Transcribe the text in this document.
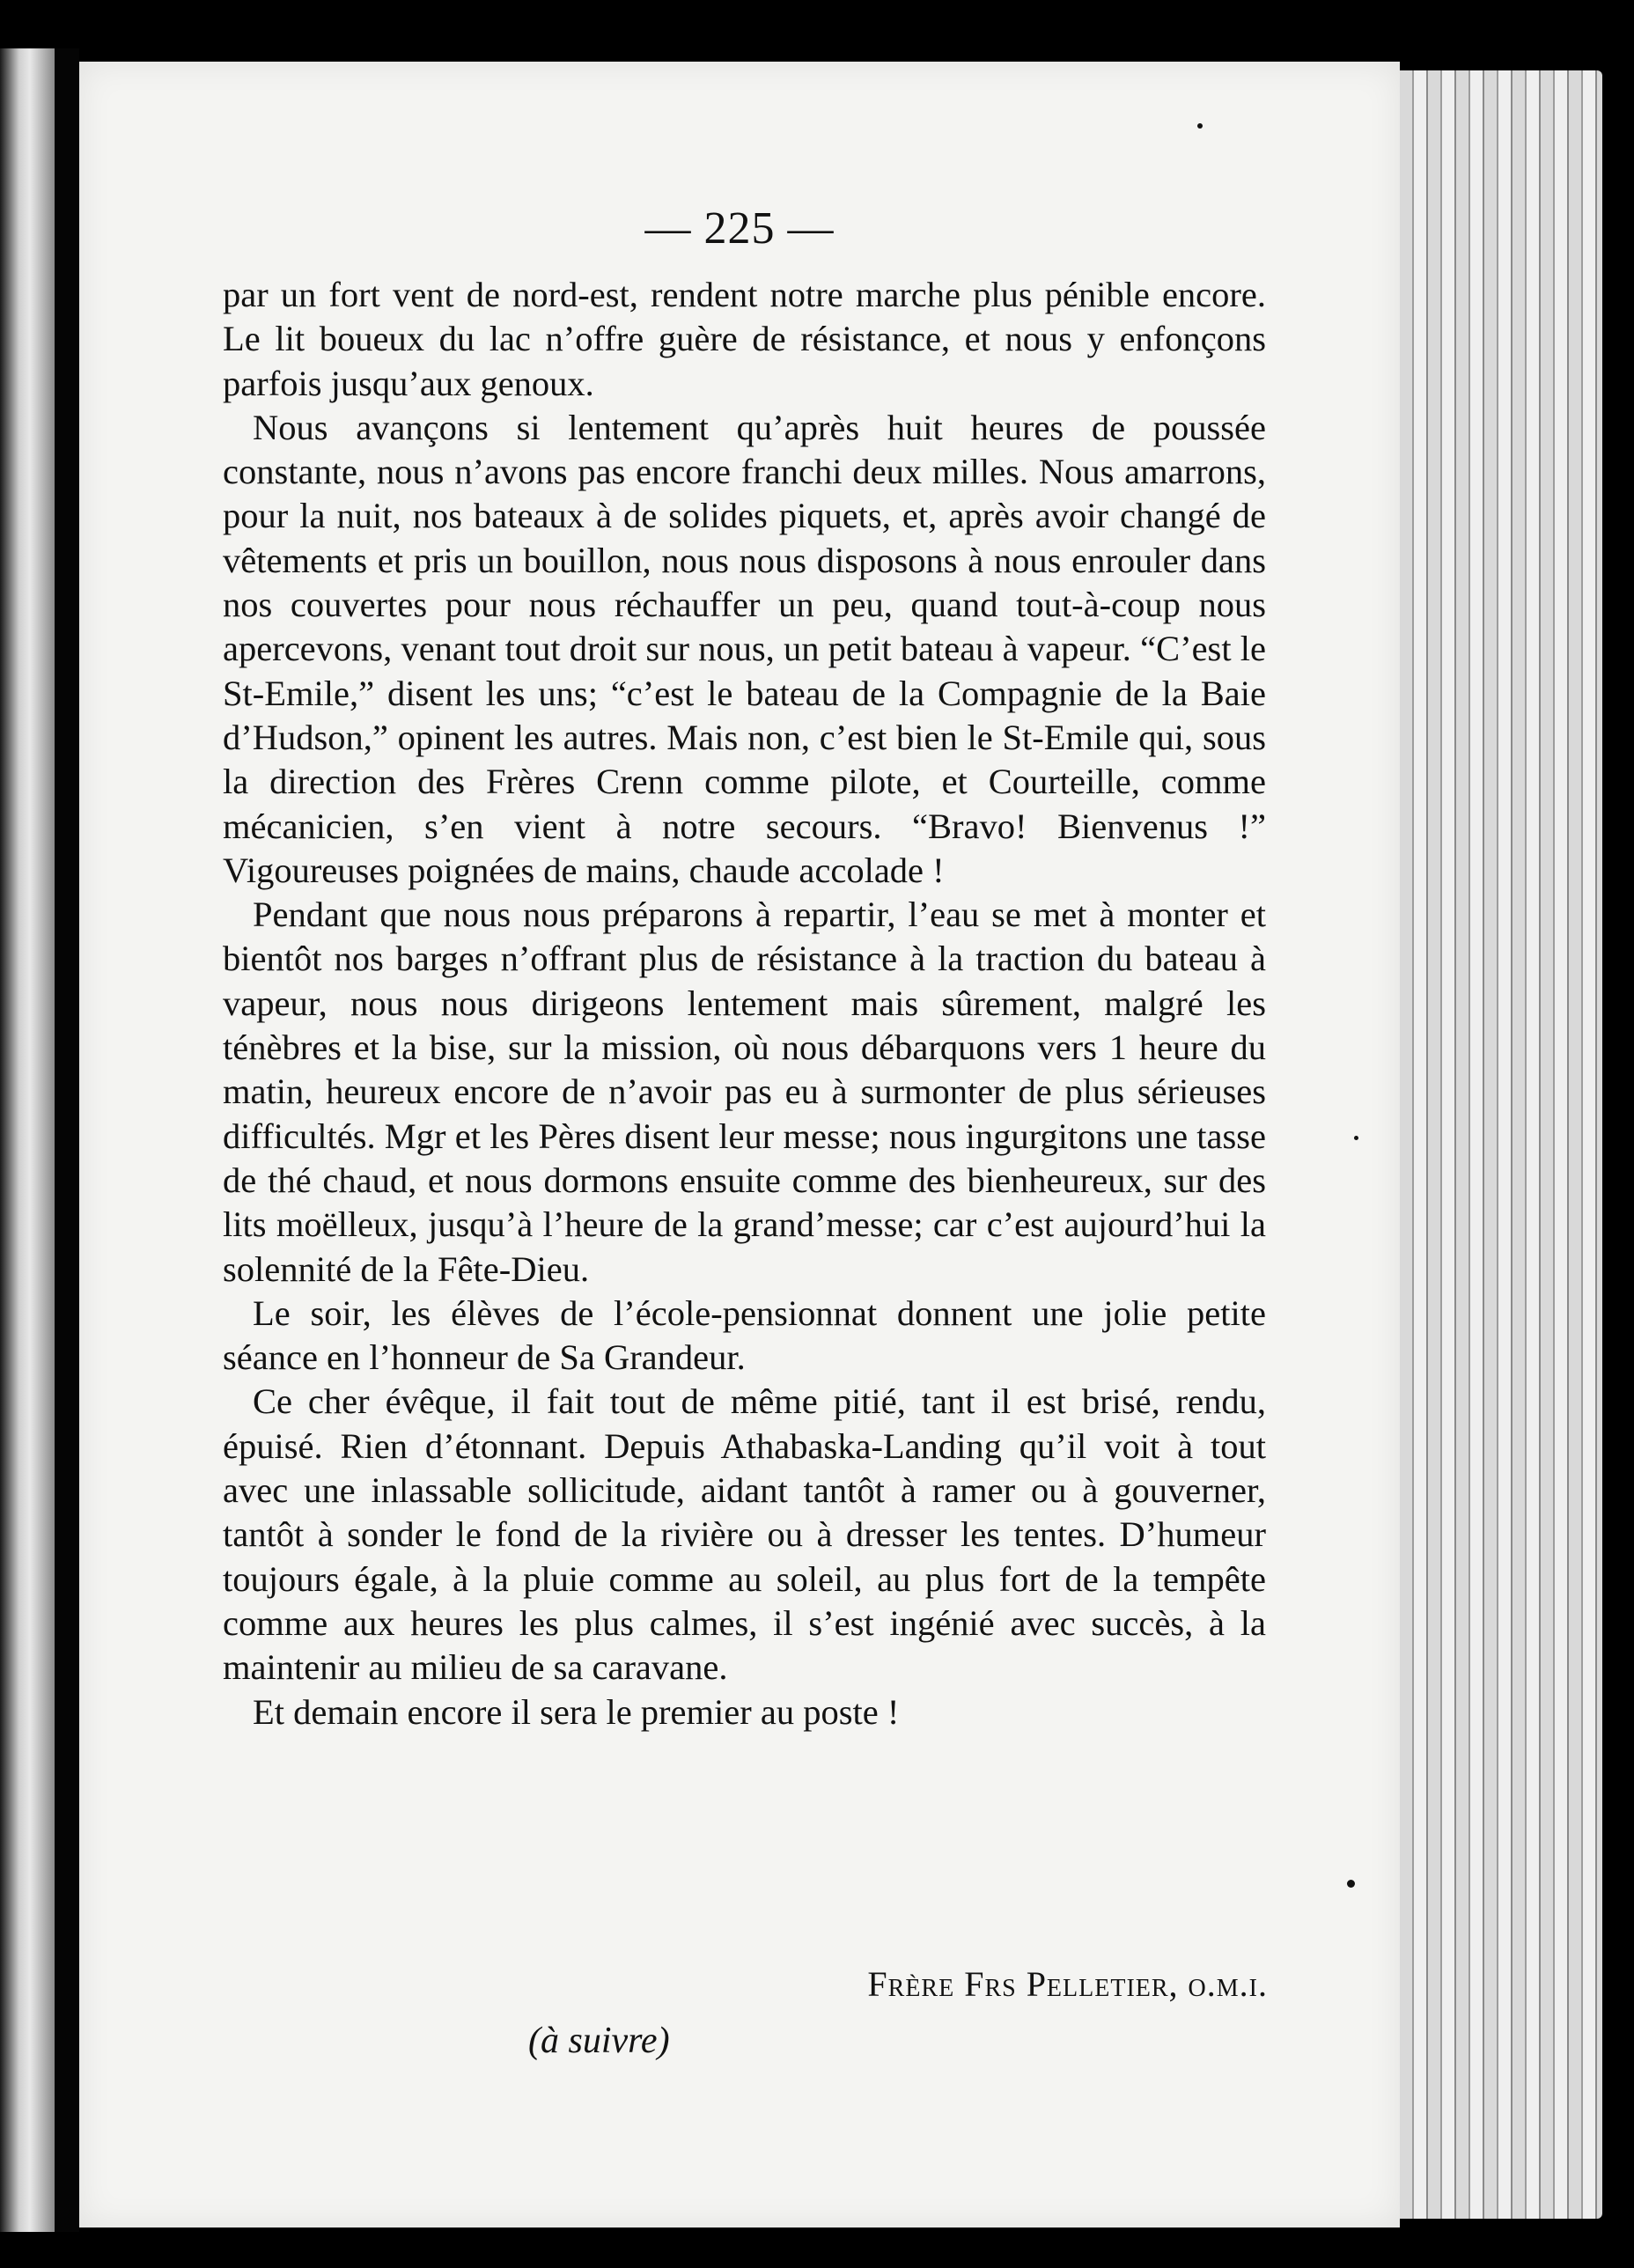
— 225 —

par un fort vent de nord-est, rendent notre marche plus pénible encore. Le lit boueux du lac n’offre guère de résistance, et nous y enfonçons parfois jusqu’aux genoux.

Nous avançons si lentement qu’après huit heures de poussée constante, nous n’avons pas encore franchi deux milles. Nous amarrons, pour la nuit, nos bateaux à de solides piquets, et, après avoir changé de vêtements et pris un bouillon, nous nous disposons à nous enrouler dans nos couvertes pour nous réchauffer un peu, quand tout-à-coup nous apercevons, venant tout droit sur nous, un petit bateau à vapeur. “C’est le St-Emile,” disent les uns; “c’est le bateau de la Compagnie de la Baie d’Hudson,” opinent les autres. Mais non, c’est bien le St-Emile qui, sous la direction des Frères Crenn comme pilote, et Courteille, comme mécanicien, s’en vient à notre secours. “Bravo! Bienvenus !” Vigoureuses poignées de mains, chaude accolade !

Pendant que nous nous préparons à repartir, l’eau se met à monter et bientôt nos barges n’offrant plus de résistance à la traction du bateau à vapeur, nous nous dirigeons lentement mais sûrement, malgré les ténèbres et la bise, sur la mission, où nous débarquons vers 1 heure du matin, heureux encore de n’avoir pas eu à surmonter de plus sérieuses difficultés. Mgr et les Pères disent leur messe; nous ingurgitons une tasse de thé chaud, et nous dormons ensuite comme des bienheureux, sur des lits moëlleux, jusqu’à l’heure de la grand’messe; car c’est aujourd’hui la solennité de la Fête-Dieu.

Le soir, les élèves de l’école-pensionnat donnent une jolie petite séance en l’honneur de Sa Grandeur.

Ce cher évêque, il fait tout de même pitié, tant il est brisé, rendu, épuisé. Rien d’étonnant. Depuis Athabaska-Landing qu’il voit à tout avec une inlassable sollicitude, aidant tantôt à ramer ou à gouverner, tantôt à sonder le fond de la rivière ou à dresser les tentes. D’humeur toujours égale, à la pluie comme au soleil, au plus fort de la tempête comme aux heures les plus calmes, il s’est ingénié avec succès, à la maintenir au milieu de sa caravane.

Et demain encore il sera le premier au poste !

Frère Frs Pelletier, o.m.i.
(à suivre)
